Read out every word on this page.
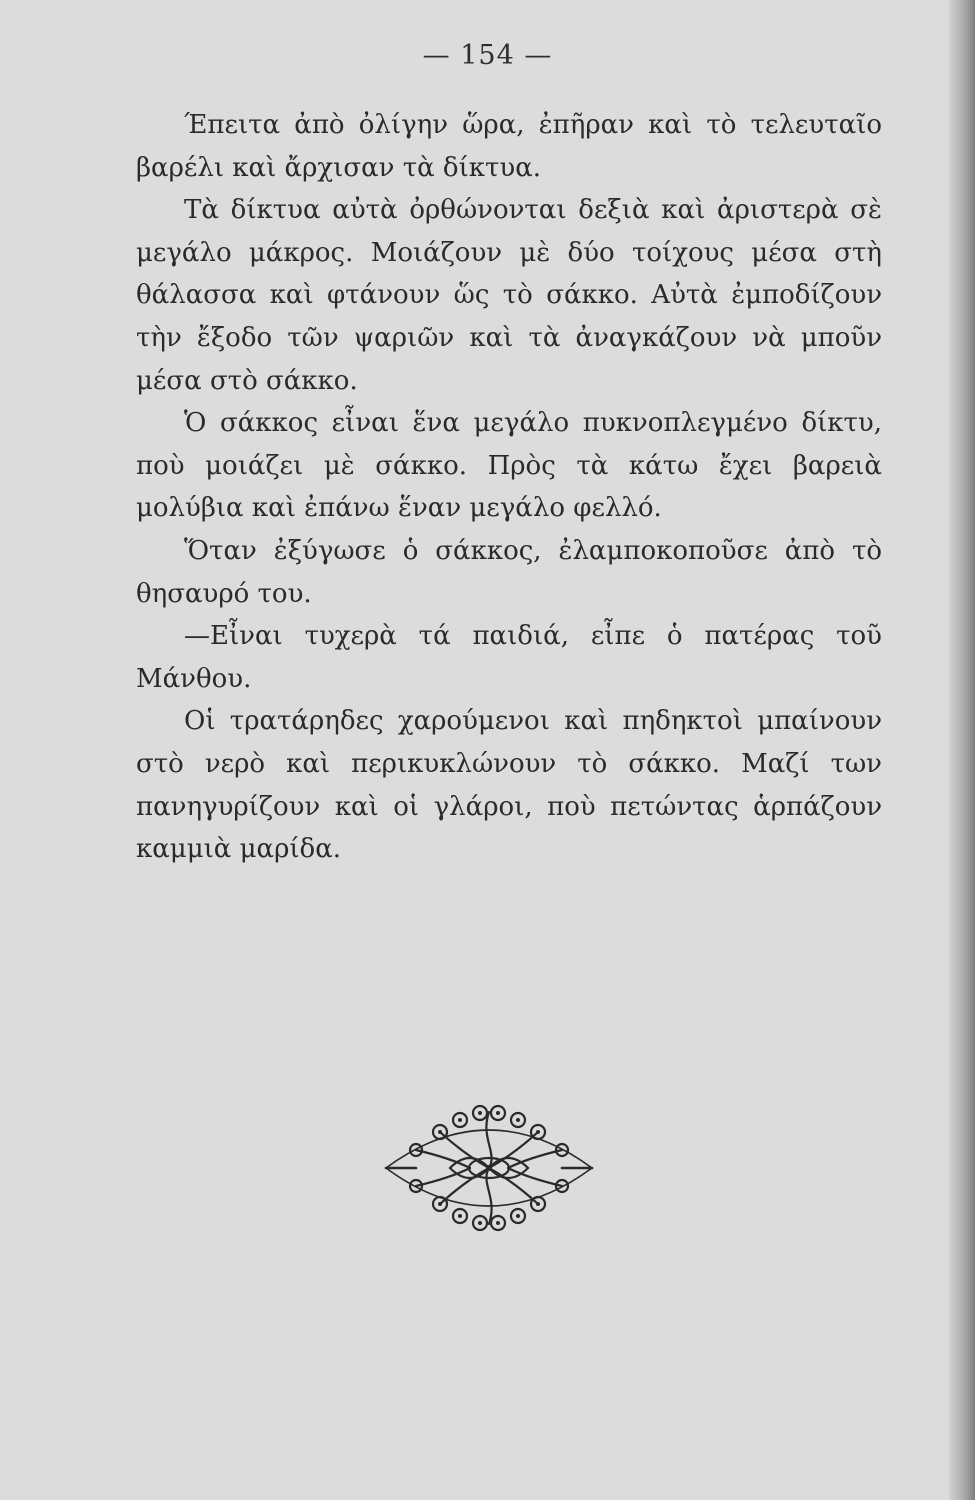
— 154 —

Έπειτα ἀπὸ ὀλίγην ὥρα, ἐπῆραν καὶ τὸ τελευταῖο βαρέλι καὶ ἄρχισαν τὰ δίκτυα.

Τὰ δίκτυα αὐτὰ ὀρθώνονται δεξιὰ καὶ ἀριστερὰ σὲ μεγάλο μάκρος. Μοιάζουν μὲ δύο τοίχους μέσα στὴ θάλασσα καὶ φτάνουν ὥς τὸ σάκκο. Αὐτὰ ἐμποδίζουν τὴν ἔξοδο τῶν ψαριῶν καὶ τὰ ἀναγκάζουν νὰ μποῦν μέσα στὸ σάκκο.

Ὁ σάκκος εἶναι ἕνα μεγάλο πυκνοπλεγμένο δίκτυ, ποὺ μοιάζει μὲ σάκκο. Πρὸς τὰ κάτω ἔχει βαρειὰ μολύβια καὶ ἐπάνω ἕναν μεγάλο φελλό.

Ὅταν ἐξύγωσε ὁ σάκκος, ἐλαμποκοποῦσε ἀπὸ τὸ θησαυρό του.

—Εἶναι τυχερὰ τά παιδιά, εἶπε ὁ πατέρας τοῦ Μάνθου.

Οἱ τρατάρηδες χαρούμενοι καὶ πηδηκτοὶ μπαίνουν στὸ νερὸ καὶ περικυκλώνουν τὸ σάκκο. Μαζί των πανηγυρίζουν καὶ οἱ γλάροι, ποὺ πετώντας ἁρπάζουν καμμιὰ μαρίδα.
